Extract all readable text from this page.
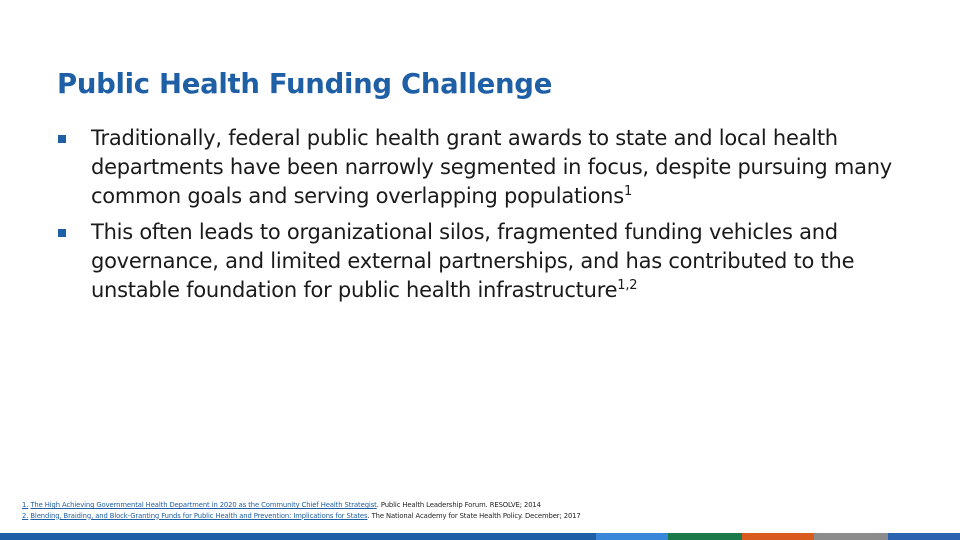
Public Health Funding Challenge
Traditionally, federal public health grant awards to state and local health departments have been narrowly segmented in focus, despite pursuing many common goals and serving overlapping populations$^1$
This often leads to organizational silos, fragmented funding vehicles and governance, and limited external partnerships, and has contributed to the unstable foundation for public health infrastructure$^{1,2}$
1. The High Achieving Governmental Health Department in 2020 as the Community Chief Health Strategist. Public Health Leadership Forum. RESOLVE; 2014
2. Blending, Braiding, and Block-Granting Funds for Public Health and Prevention: Implications for States. The National Academy for State Health Policy. December; 2017
